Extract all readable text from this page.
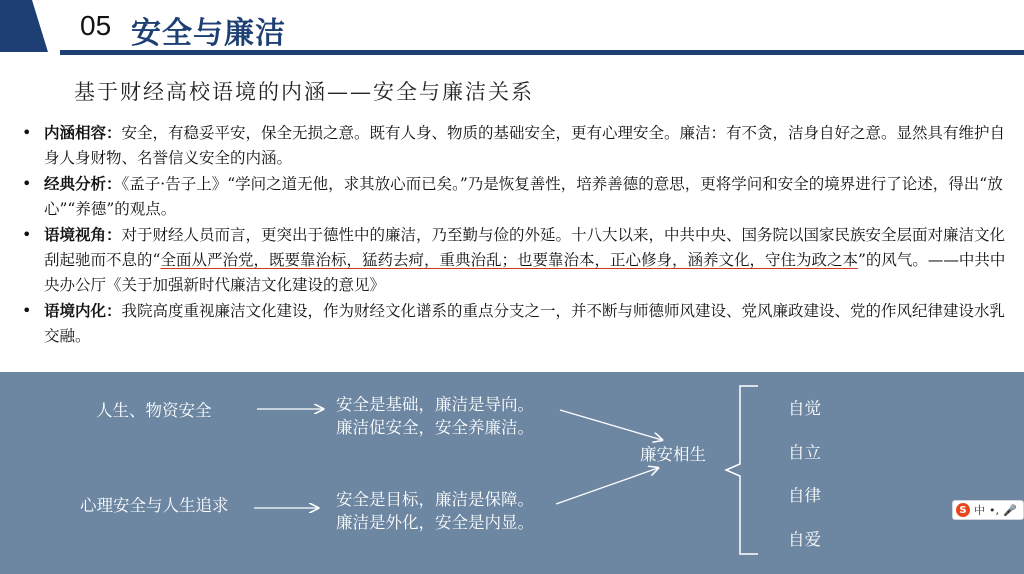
05 安全与廉洁
基于财经高校语境的内涵——安全与廉洁关系
• 内涵相容：安全，有稳妥平安，保全无损之意。既有人身、物质的基础安全，更有心理安全。廉洁：有不贪，洁身自好之意。显然具有维护自身人身财物、名誉信义安全的内涵。
• 经典分析：《孟子·告子上》“学问之道无他，求其放心而已矣。”乃是恢复善性，培养善德的意思，更将学问和安全的境界进行了论述，得出“放心”“养德”的观点。
• 语境视角：对于财经人员而言，更突出于德性中的廉洁，乃至勤与俭的外延。十八大以来，中共中央、国务院以国家民族安全层面对廉洁文化刮起驰而不息的“全面从严治党，既要靠治标，猛药去疴，重典治乱；也要靠治本，正心修身，涵养文化，守住为政之本”的风气。——中共中央办公厅《关于加强新时代廉洁文化建设的意见》
• 语境内化：我院高度重视廉洁文化建设，作为财经文化谱系的重点分支之一，并不断与师德师风建设、党风廉政建设、党的作风纪律建设水乳交融。
人生、物资安全
心理安全与人生追求
安全是基础，廉洁是导向。
廉洁促安全，安全养廉洁。
安全是目标，廉洁是保障。
廉洁是外化，安全是内显。
廉安相生
自觉
自立
自律
自爱
S 中 •, 🎤
